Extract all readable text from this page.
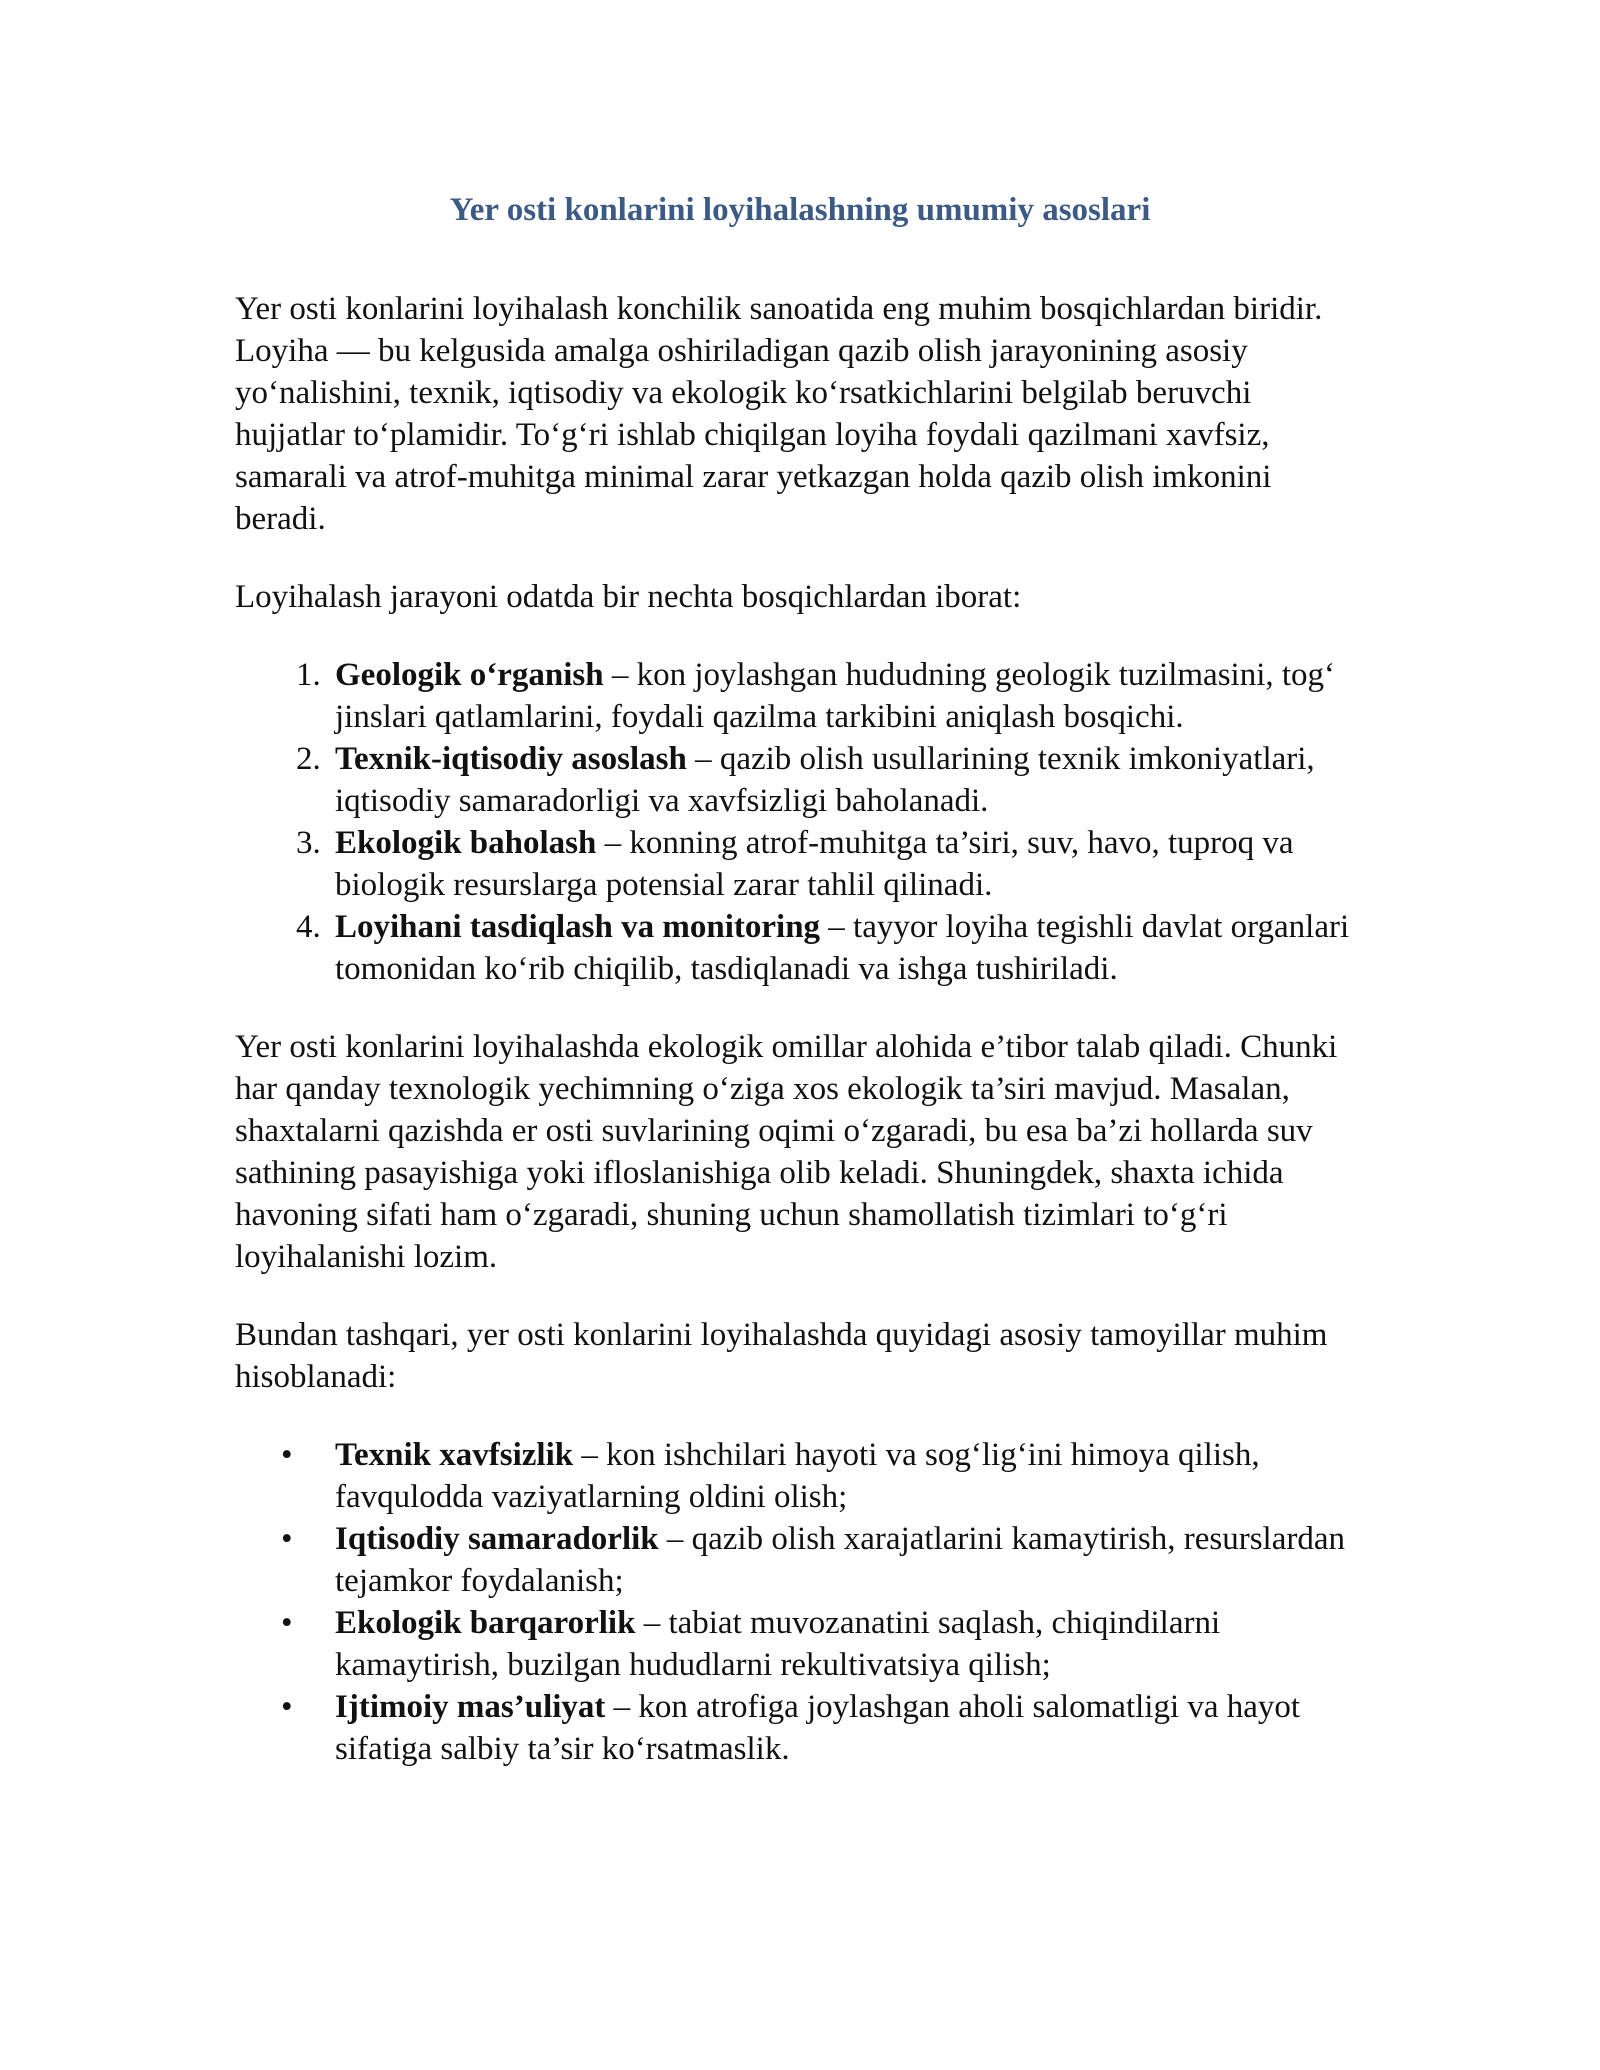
Yer osti konlarini loyihalashning umumiy asoslari

Yer osti konlarini loyihalash konchilik sanoatida eng muhim bosqichlardan biridir. Loyiha — bu kelgusida amalga oshiriladigan qazib olish jarayonining asosiy yo‘nalishini, texnik, iqtisodiy va ekologik ko‘rsatkichlarini belgilab beruvchi hujjatlar to‘plamidir. To‘g‘ri ishlab chiqilgan loyiha foydali qazilmani xavfsiz, samarali va atrof-muhitga minimal zarar yetkazgan holda qazib olish imkonini beradi.

Loyihalash jarayoni odatda bir nechta bosqichlardan iborat:

1. Geologik o‘rganish – kon joylashgan hududning geologik tuzilmasini, tog‘ jinslari qatlamlarini, foydali qazilma tarkibini aniqlash bosqichi.
2. Texnik-iqtisodiy asoslash – qazib olish usullarining texnik imkoniyatlari, iqtisodiy samaradorligi va xavfsizligi baholanadi.
3. Ekologik baholash – konning atrof-muhitga ta’siri, suv, havo, tuproq va biologik resurslarga potensial zarar tahlil qilinadi.
4. Loyihani tasdiqlash va monitoring – tayyor loyiha tegishli davlat organlari tomonidan ko‘rib chiqilib, tasdiqlanadi va ishga tushiriladi.

Yer osti konlarini loyihalashda ekologik omillar alohida e’tibor talab qiladi. Chunki har qanday texnologik yechimning o‘ziga xos ekologik ta’siri mavjud. Masalan, shaxtalarni qazishda er osti suvlarining oqimi o‘zgaradi, bu esa ba’zi hollarda suv sathining pasayishiga yoki ifloslanishiga olib keladi. Shuningdek, shaxta ichida havoning sifati ham o‘zgaradi, shuning uchun shamollatish tizimlari to‘g‘ri loyihalanishi lozim.

Bundan tashqari, yer osti konlarini loyihalashda quyidagi asosiy tamoyillar muhim hisoblanadi:

• Texnik xavfsizlik – kon ishchilari hayoti va sog‘lig‘ini himoya qilish, favqulodda vaziyatlarning oldini olish;
• Iqtisodiy samaradorlik – qazib olish xarajatlarini kamaytirish, resurslardan tejamkor foydalanish;
• Ekologik barqarorlik – tabiat muvozanatini saqlash, chiqindilarni kamaytirish, buzilgan hududlarni rekultivatsiya qilish;
• Ijtimoiy mas’uliyat – kon atrofiga joylashgan aholi salomatligi va hayot sifatiga salbiy ta’sir ko‘rsatmaslik.
